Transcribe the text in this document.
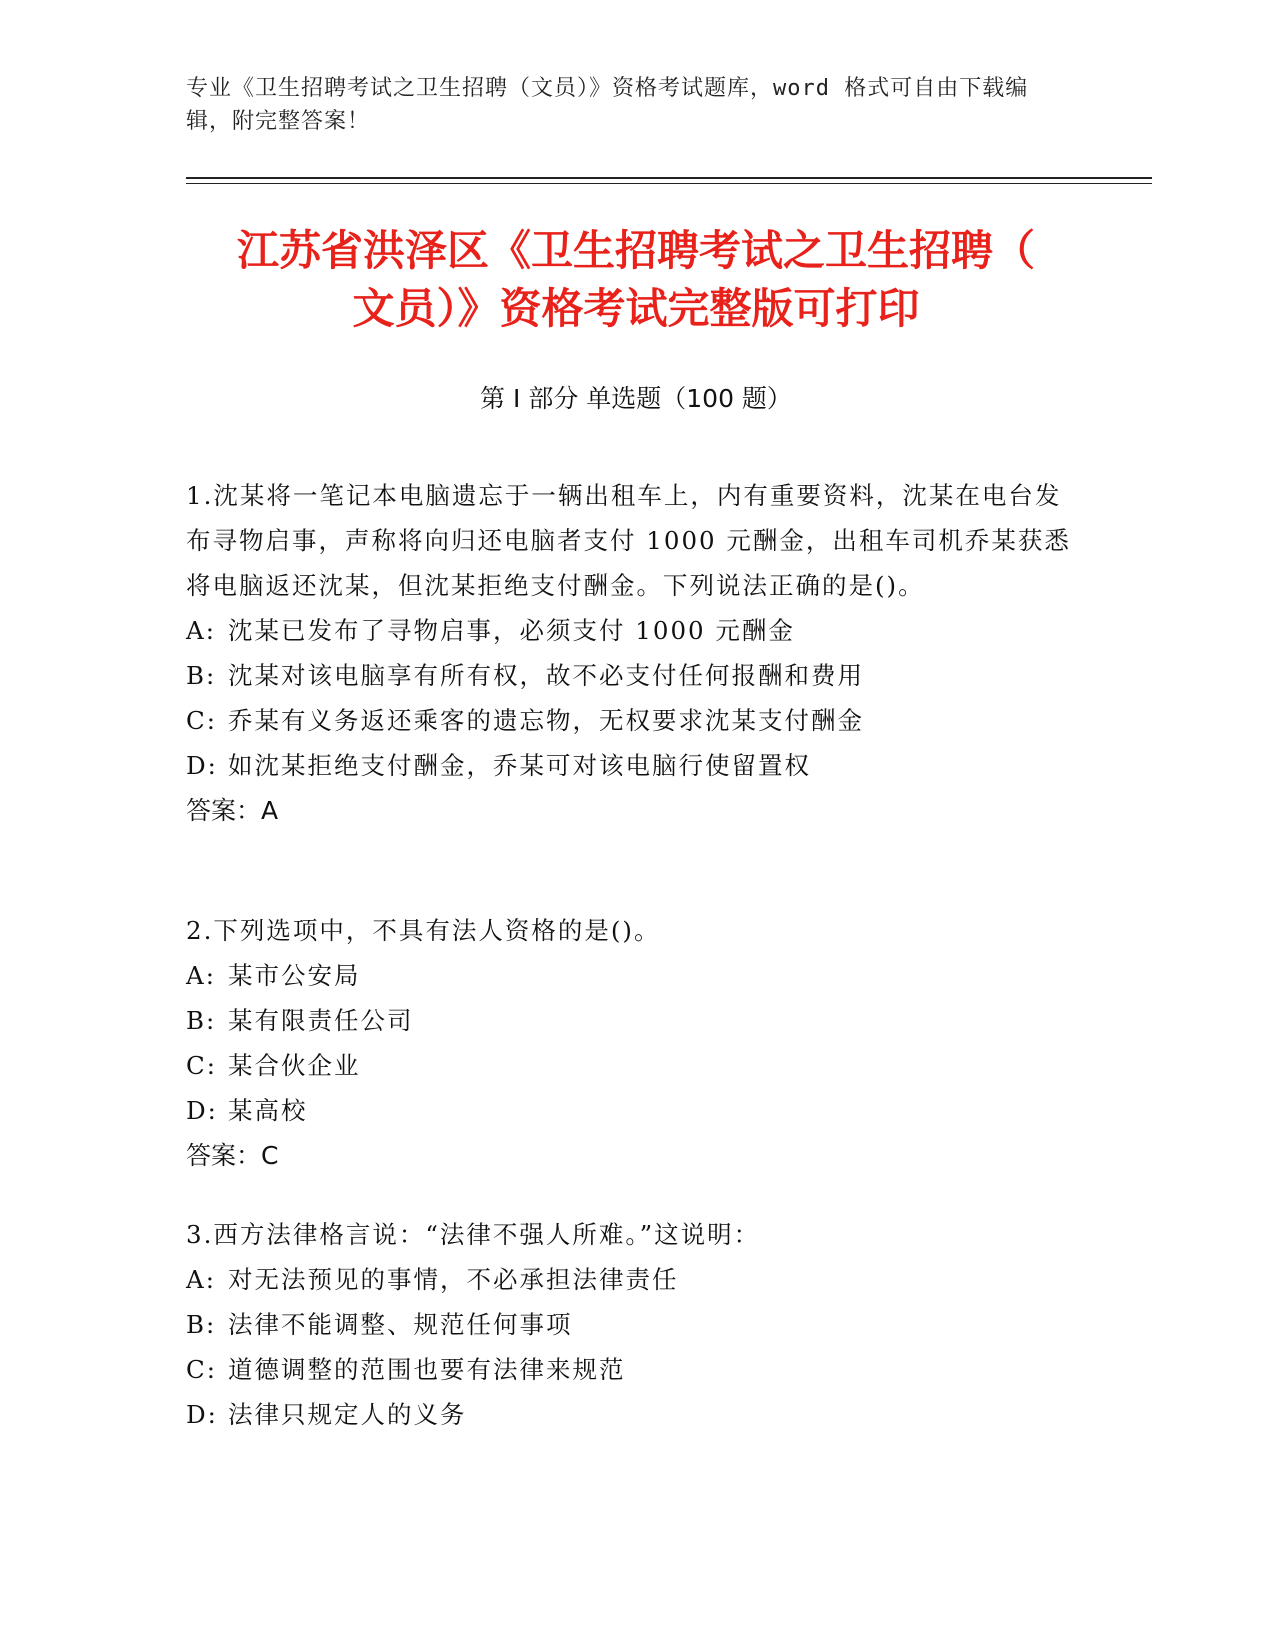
专业《卫生招聘考试之卫生招聘（文员）》资格考试题库，word 格式可自由下载编辑，附完整答案！
江苏省洪泽区《卫生招聘考试之卫生招聘（
文员）》资格考试完整版可打印
第 I 部分 单选题（100 题）

1.沈某将一笔记本电脑遗忘于一辆出租车上，内有重要资料，沈某在电台发布寻物启事，声称将向归还电脑者支付 1000 元酬金，出租车司机乔某获悉将电脑返还沈某，但沈某拒绝支付酬金。下列说法正确的是()。

A: 沈某已发布了寻物启事，必须支付 1000 元酬金

B: 沈某对该电脑享有所有权，故不必支付任何报酬和费用

C: 乔某有义务返还乘客的遗忘物，无权要求沈某支付酬金

D: 如沈某拒绝支付酬金，乔某可对该电脑行使留置权

答案：A

2.下列选项中，不具有法人资格的是()。

A: 某市公安局

B: 某有限责任公司

C: 某合伙企业

D: 某高校

答案：C

3.西方法律格言说：“法律不强人所难。”这说明：

A: 对无法预见的事情，不必承担法律责任

B: 法律不能调整、规范任何事项

C: 道德调整的范围也要有法律来规范

D: 法律只规定人的义务
